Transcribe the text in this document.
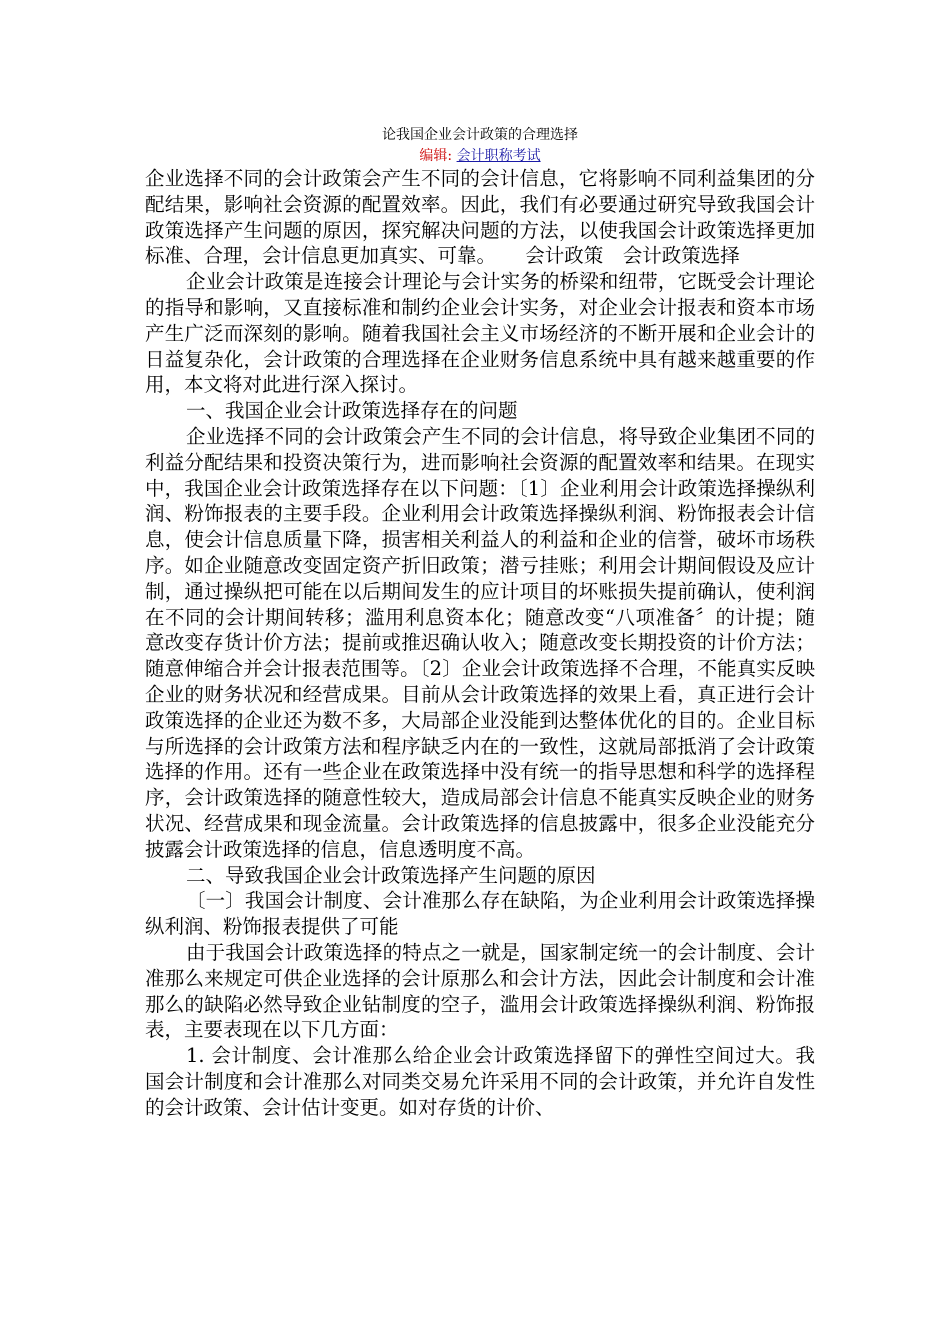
论我国企业会计政策的合理选择
编辑: 会计职称考试

企业选择不同的会计政策会产生不同的会计信息，它将影响不同利益集团的分配结果，影响社会资源的配置效率。因此，我们有必要通过研究导致我国会计政策选择产生问题的原因，探究解决问题的方法，以使我国会计政策选择更加标准、合理，会计信息更加真实、可靠。　　会计政策　会计政策选择

企业会计政策是连接会计理论与会计实务的桥梁和纽带，它既受会计理论的指导和影响，又直接标准和制约企业会计实务，对企业会计报表和资本市场产生广泛而深刻的影响。随着我国社会主义市场经济的不断开展和企业会计的日益复杂化，会计政策的合理选择在企业财务信息系统中具有越来越重要的作用，本文将对此进行深入探讨。

一、我国企业会计政策选择存在的问题

企业选择不同的会计政策会产生不同的会计信息，将导致企业集团不同的利益分配结果和投资决策行为，进而影响社会资源的配置效率和结果。在现实中，我国企业会计政策选择存在以下问题：〔1〕企业利用会计政策选择操纵利润、粉饰报表的主要手段。企业利用会计政策选择操纵利润、粉饰报表会计信息，使会计信息质量下降，损害相关利益人的利益和企业的信誉，破坏市场秩序。如企业随意改变固定资产折旧政策；潜亏挂账；利用会计期间假设及应计制，通过操纵把可能在以后期间发生的应计项目的坏账损失提前确认，使利润在不同的会计期间转移；滥用利息资本化；随意改变“八项准备〞的计提；随意改变存货计价方法；提前或推迟确认收入；随意改变长期投资的计价方法；随意伸缩合并会计报表范围等。〔2〕企业会计政策选择不合理，不能真实反映企业的财务状况和经营成果。目前从会计政策选择的效果上看，真正进行会计政策选择的企业还为数不多，大局部企业没能到达整体优化的目的。企业目标与所选择的会计政策方法和程序缺乏内在的一致性，这就局部抵消了会计政策选择的作用。还有一些企业在政策选择中没有统一的指导思想和科学的选择程序，会计政策选择的随意性较大，造成局部会计信息不能真实反映企业的财务状况、经营成果和现金流量。会计政策选择的信息披露中，很多企业没能充分披露会计政策选择的信息，信息透明度不高。

二、导致我国企业会计政策选择产生问题的原因

〔一〕我国会计制度、会计准那么存在缺陷，为企业利用会计政策选择操纵利润、粉饰报表提供了可能

由于我国会计政策选择的特点之一就是，国家制定统一的会计制度、会计准那么来规定可供企业选择的会计原那么和会计方法，因此会计制度和会计准那么的缺陷必然导致企业钻制度的空子，滥用会计政策选择操纵利润、粉饰报表，主要表现在以下几方面：

1. 会计制度、会计准那么给企业会计政策选择留下的弹性空间过大。我国会计制度和会计准那么对同类交易允许采用不同的会计政策，并允许自发性的会计政策、会计估计变更。如对存货的计价、
